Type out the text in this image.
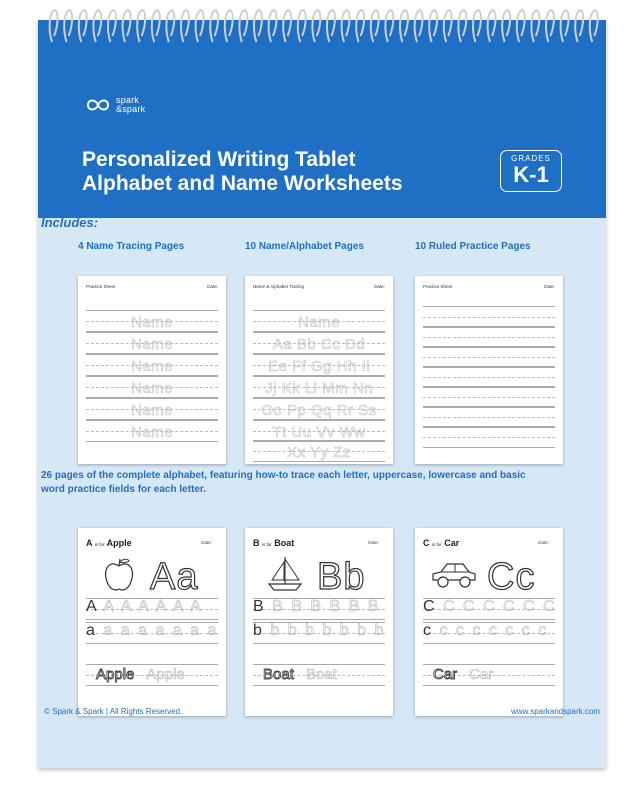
spark
&spark
Personalized Writing Tablet
Alphabet and Name Worksheets
GRADES
K-1
Includes:
4 Name Tracing Pages	10 Name/Alphabet Pages	10 Ruled Practice Pages
Practice Sheet	Date:
Name
Name
Name
Name
Name
Name
Name & Alphabet Tracing	Date:
Name
Aa Bb Cc Dd
Ee Ff Gg Hh Ii
Jj Kk Ll Mm Nn
Oo Pp Qq Rr Ss
Tt Uu Vv Ww
Xx Yy Zz
Practice Sheet	Date:
26 pages of the complete alphabet, featuring how-to trace each letter, uppercase, lowercase and basic word practice fields for each letter.
A is for Apple	Date:
Aa
A A A A A A A
a a a a a a a a
Apple Apple
B is for Boat	Date:
Bb
B B B B B B B
b b b b b b b b
Boat Boat
C is for Car	Date:
Cc
C C C C C C C
c c c c c c c c
Car Car
© Spark & Spark | All Rights Reserved.	www.sparkandspark.com
